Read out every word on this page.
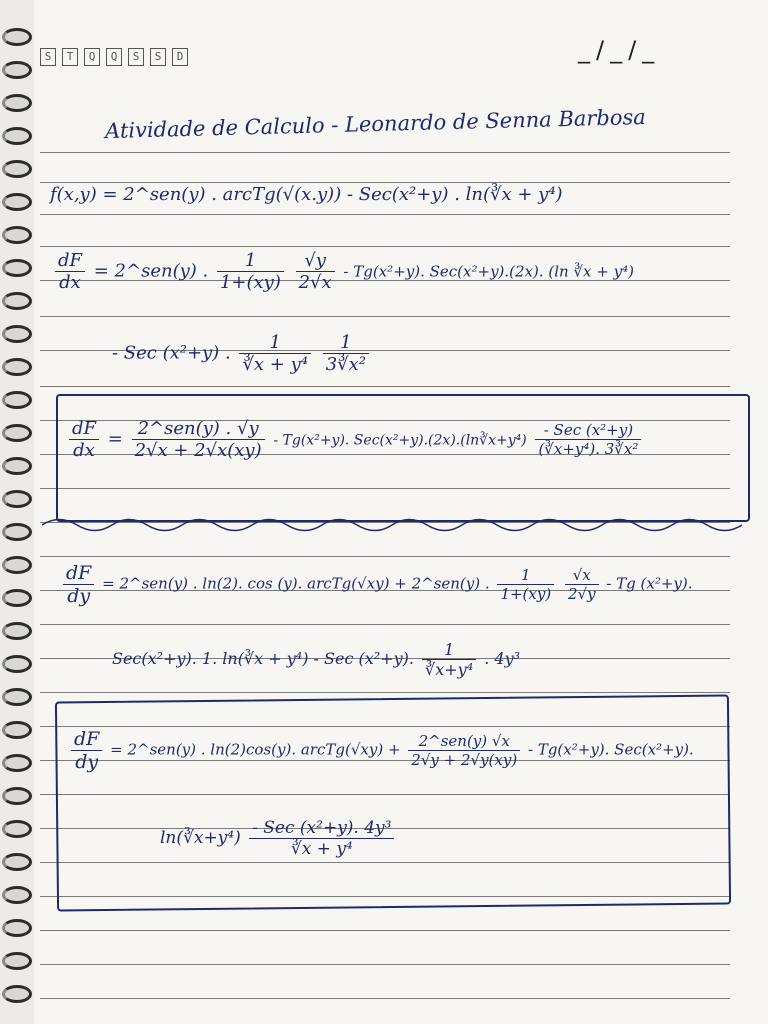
S	T	Q	Q	S	S	D	_/_/_
Atividade de Calculo - Leonardo de Senna Barbosa
f(x,y) = 2^sen(y) . arcTg(√(x.y)) - Sec(x²+y) . ln(∛x + y⁴)
$\frac{dF}{dx}$ = 2^sen(y) . $\frac{1}{1+(xy)}$
$\frac{√y}{2√x} - Tg(x^2+y)$. Sec(x²+y).(2x). (ln ∛x + y⁴)
- Sec (x²+y) . $\frac{1}{\text{∛x + y⁴}}$
$\frac{1}{\text{3∛x²}}$
$\frac{dF}{dx} = \frac{\text{2\textasciicircum{}sen(y) . √y}}{2√x + 2√x(xy)} - Tg(x^2+y)$. Sec(x²+y).(2x).(ln∛x+y⁴) $\frac{\text{- Sec (x²+y)}}{\text{(∛x+y⁴). 3∛x²}}$
$\frac{dF}{dy}$ = 2^sen(y) . ln(2). cos (y). arcTg(√xy) + 2^sen(y) . $\frac{1}{1+(xy)}$
$\frac{√x}{2√y}$ - Tg (x²+y).
Sec(x²+y). 1. ln(∛x + y⁴) - Sec (x²+y). $\frac{1}{\text{∛x+y⁴}}$ . 4y³
$\frac{dF}{dy}$ = 2^sen(y) . ln(2)cos(y). arcTg(√xy) + $\frac{\text{2\textasciicircum{}sen(y) √x}}{2√y + 2√y(xy)} - Tg(x^2+y)$. Sec(x²+y).
ln(∛x+y⁴) $\frac{\text{- Sec (x²+y). 4y³}}{\text{∛x + y⁴}}$
